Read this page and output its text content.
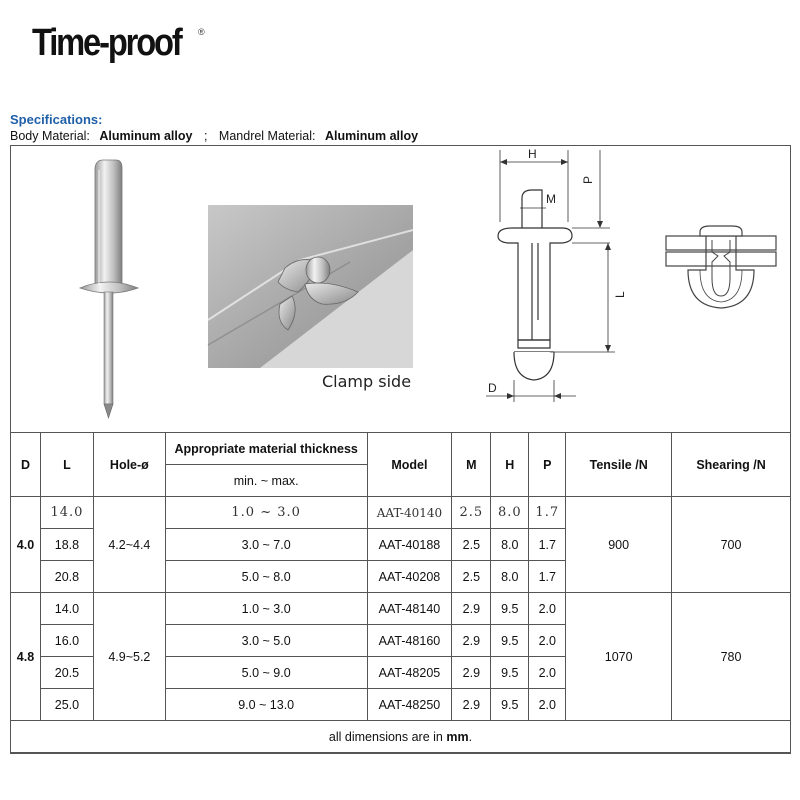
Time-proof ®
Specifications:
Body Material: Aluminum alloy ; Mandrel Material: Aluminum alloy
H
P
M
L
D
Clamp side
D	L	Hole-ø	Appropriate material thickness	Model	M	H	P	Tensile /N	Shearing /N
			min. ~ max.						
4.0	14.0	4.2~4.4	1.0 ~ 3.0	AAT-40140	2.5	8.0	1.7	900	700
	18.8		3.0 ~ 7.0	AAT-40188	2.5	8.0	1.7		
	20.8		5.0 ~ 8.0	AAT-40208	2.5	8.0	1.7		
4.8	14.0	4.9~5.2	1.0 ~ 3.0	AAT-48140	2.9	9.5	2.0	1070	780
	16.0		3.0 ~ 5.0	AAT-48160	2.9	9.5	2.0		
	20.5		5.0 ~ 9.0	AAT-48205	2.9	9.5	2.0		
	25.0		9.0 ~ 13.0	AAT-48250	2.9	9.5	2.0		
all dimensions are in mm.									
